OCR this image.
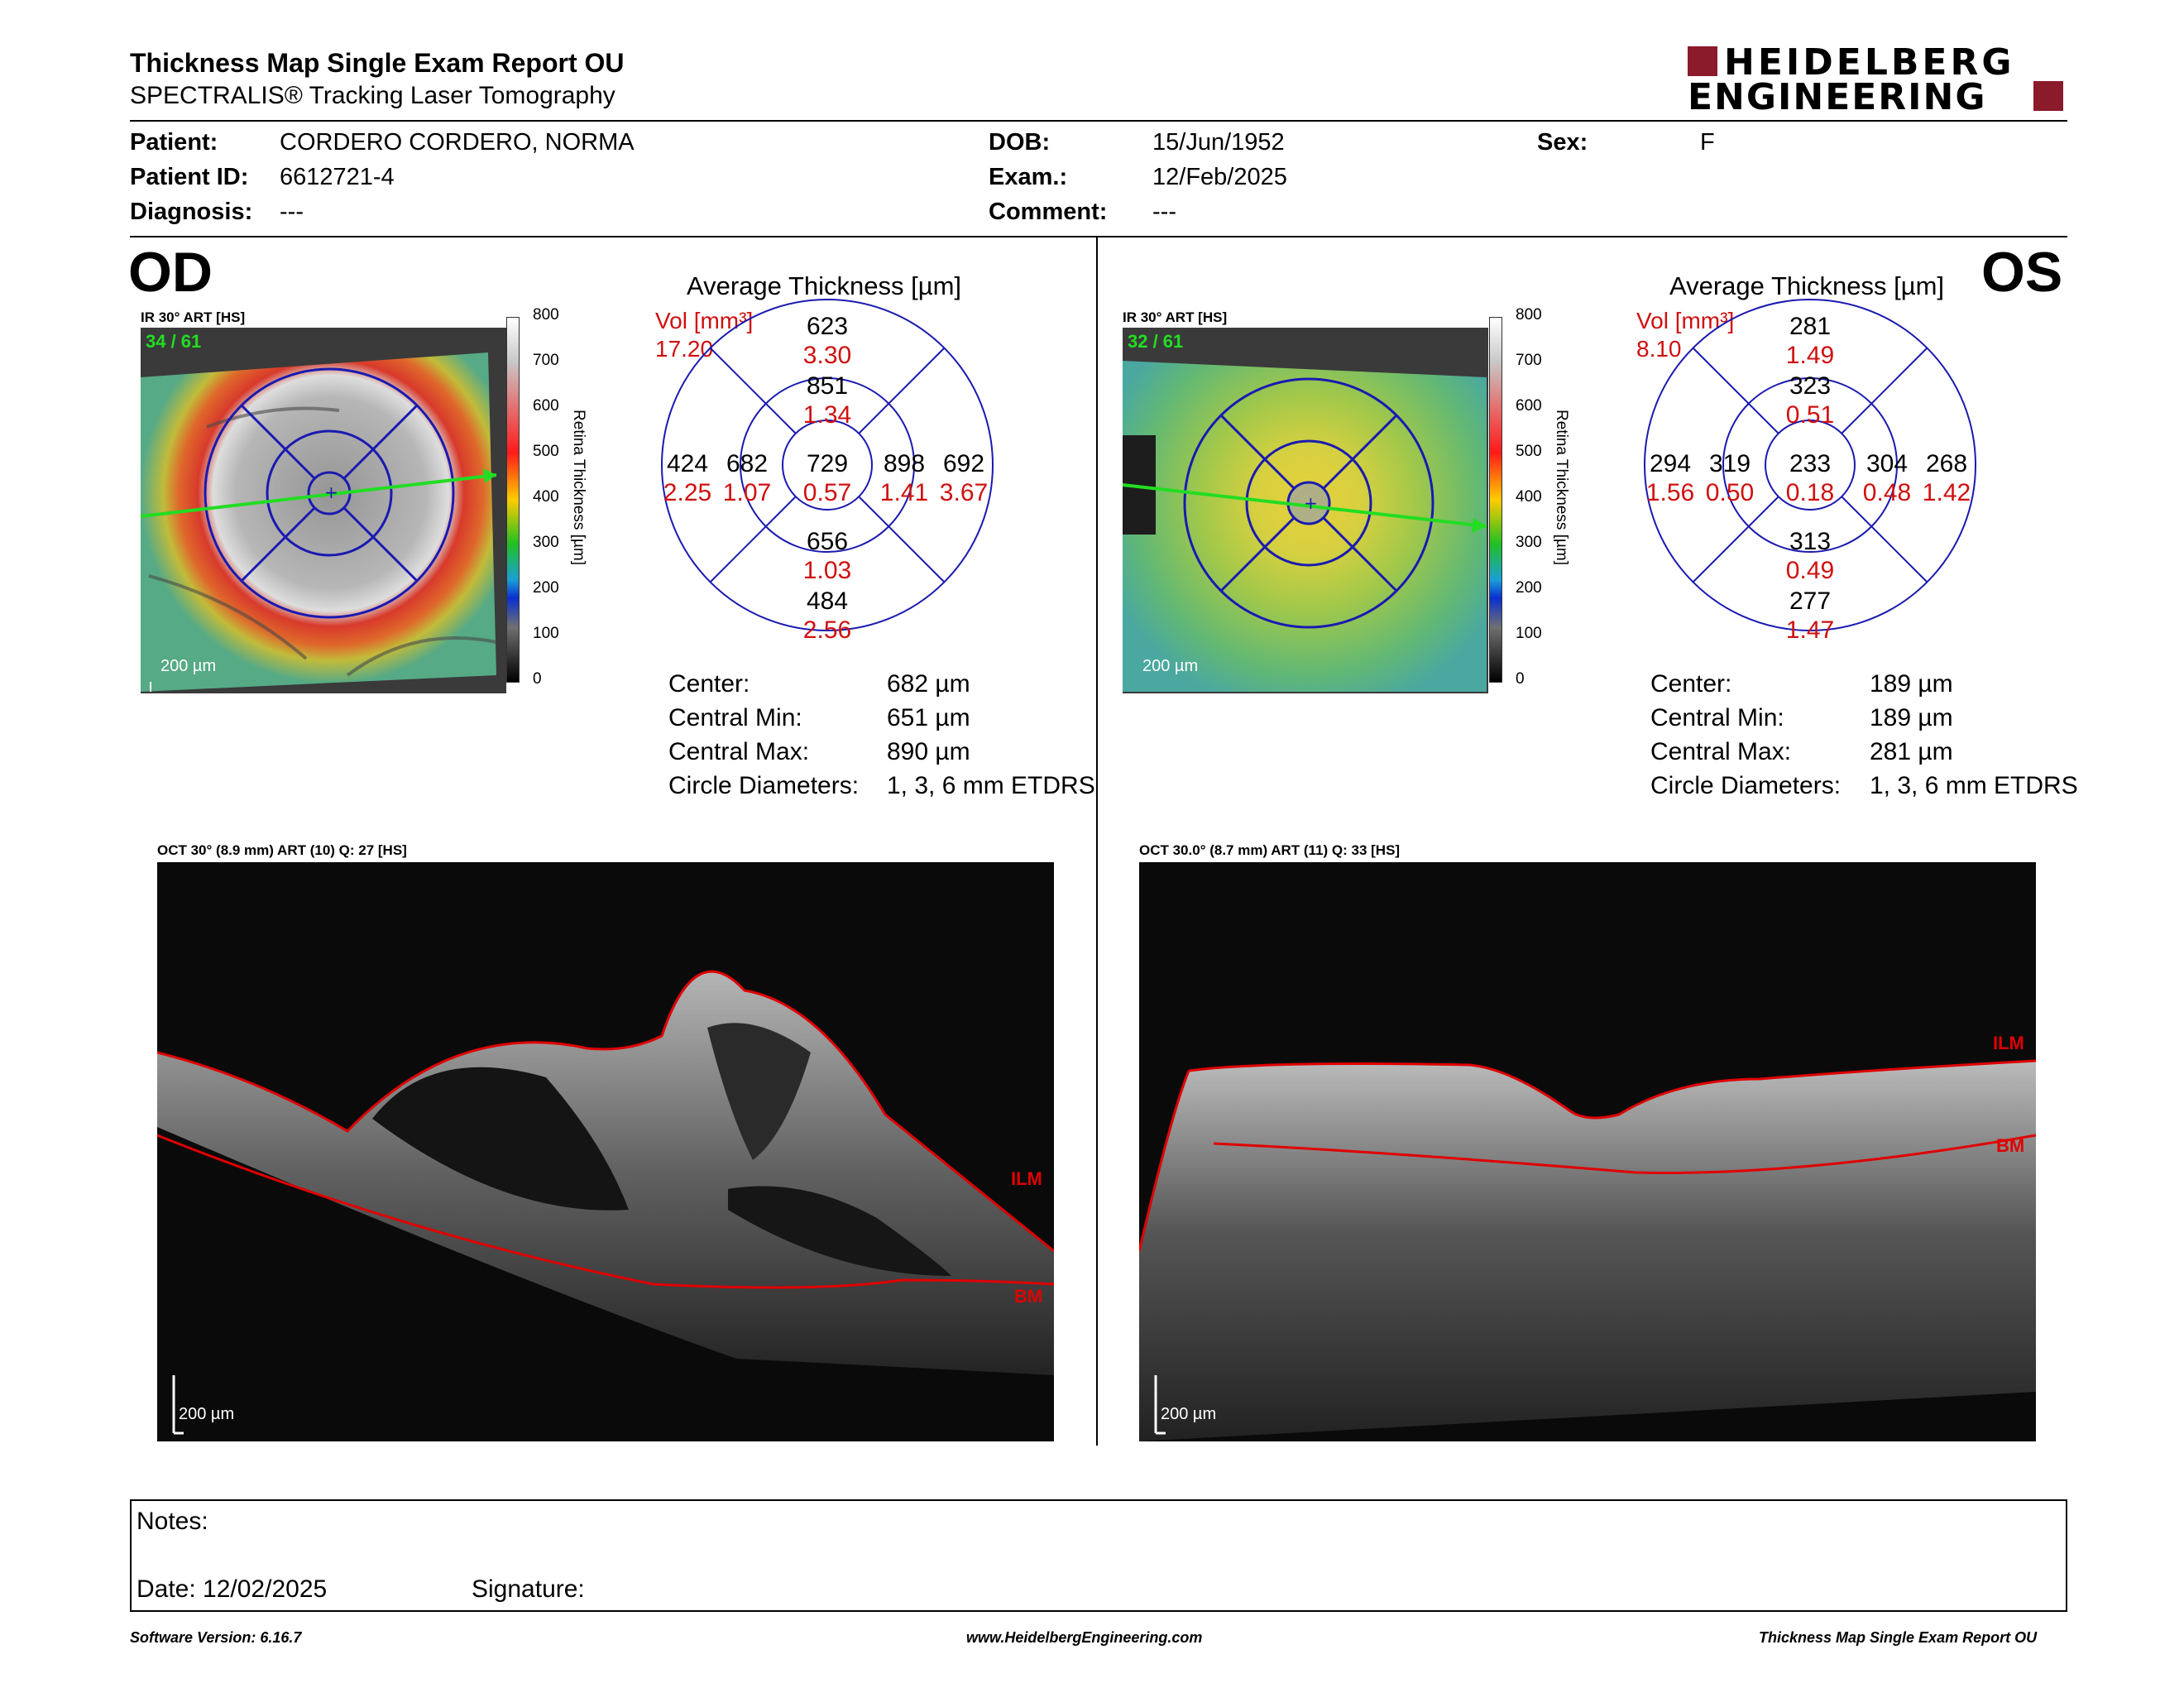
Thickness Map Single Exam Report OU
SPECTRALIS® Tracking Laser Tomography
HEIDELBERG
ENGINEERING
Patient:	CORDERO CORDERO, NORMA
Patient ID: 6612721-4
Diagnosis: ---
DOB:	15/Jun/1952
Exam.:	12/Feb/2025
Comment: ---
Sex:	F
OD
IR 30° ART [HS]
+
34 / 61
200 µm
800
700
600
500
400
300
200
100
0
Retina Thickness [µm]
Average Thickness [µm]
Vol [mm³]
17.20
623
3.30
851
1.34
424
2.25
682
1.07
729
0.57
898
1.41
692
3.67
656
1.03
484
2.56
Center:	682 µm
Central Min:	651 µm
Central Max:	890 µm
Circle Diameters: 1, 3, 6 mm ETDRS
OS
IR 30° ART [HS]
+
32 / 61
200 µm
800
700
600
500
400
300
200
100
0
Retina Thickness [µm]
Average Thickness [µm]
Vol [mm³]
8.10
281
1.49
323
0.51
294
1.56
319
0.50
233
0.18
304
0.48
268
1.42
313
0.49
277
1.47
Center:	189 µm
Central Min:	189 µm
Central Max:	281 µm
Circle Diameters: 1, 3, 6 mm ETDRS
OCT 30° (8.9 mm) ART (10) Q: 27 [HS]
ILM
BM
200 µm
OCT 30.0° (8.7 mm) ART (11) Q: 33 [HS]
ILM
BM
200 µm
Notes:
Date: 12/02/2025	Signature:
Software Version: 6.16.7	www.HeidelbergEngineering.com	Thickness Map Single Exam Report OU
